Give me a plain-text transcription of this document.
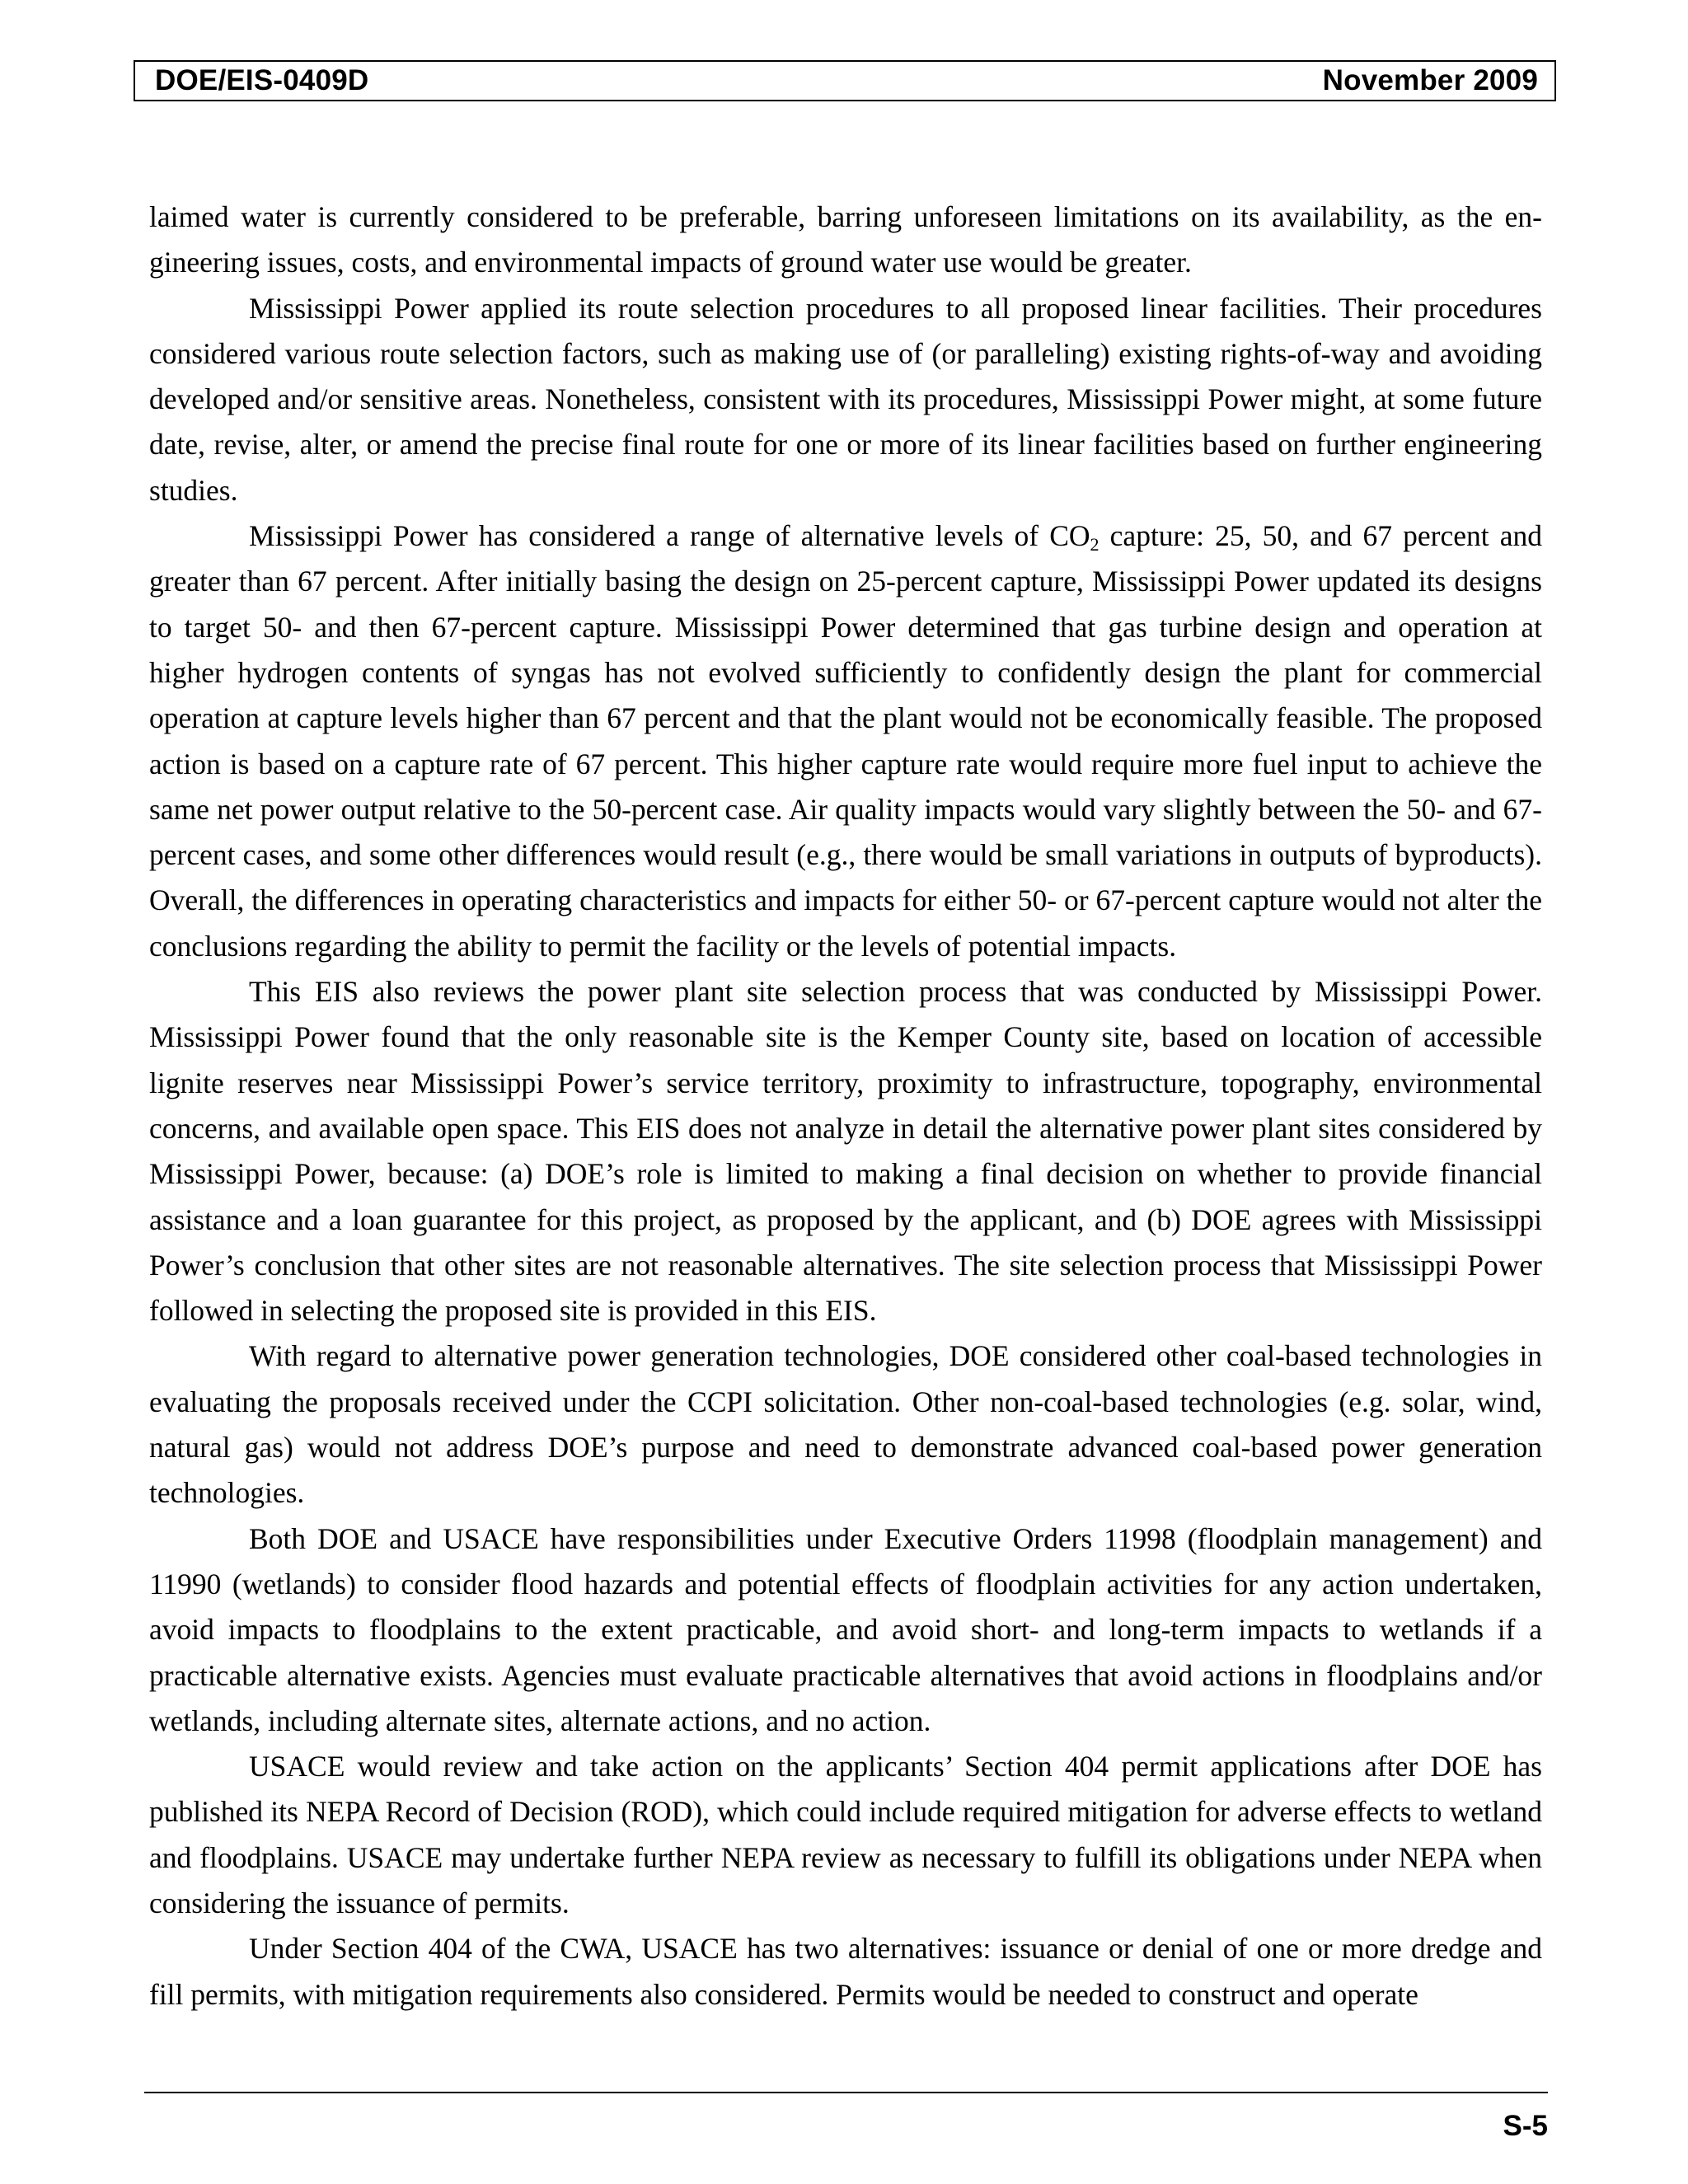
DOE/EIS-0409D	November 2009

laimed water is currently considered to be preferable, barring unforeseen limitations on its availability, as the engineering issues, costs, and environmental impacts of ground water use would be greater.

Mississippi Power applied its route selection procedures to all proposed linear facilities. Their procedures considered various route selection factors, such as making use of (or paralleling) existing rights-of-way and avoiding developed and/or sensitive areas. Nonetheless, consistent with its procedures, Mississippi Power might, at some future date, revise, alter, or amend the precise final route for one or more of its linear facilities based on further engineering studies.

Mississippi Power has considered a range of alternative levels of $CO_2$ capture: 25, 50, and 67 percent and greater than 67 percent. After initially basing the design on 25-percent capture, Mississippi Power updated its designs to target 50- and then 67-percent capture. Mississippi Power determined that gas turbine design and operation at higher hydrogen contents of syngas has not evolved sufficiently to confidently design the plant for commercial operation at capture levels higher than 67 percent and that the plant would not be economically feasible. The proposed action is based on a capture rate of 67 percent. This higher capture rate would require more fuel input to achieve the same net power output relative to the 50-percent case. Air quality impacts would vary slightly between the 50- and 67-percent cases, and some other differences would result (e.g., there would be small variations in outputs of byproducts). Overall, the differences in operating characteristics and impacts for either 50- or 67-percent capture would not alter the conclusions regarding the ability to permit the facility or the levels of potential impacts.

This EIS also reviews the power plant site selection process that was conducted by Mississippi Power. Mississippi Power found that the only reasonable site is the Kemper County site, based on location of accessible lignite reserves near Mississippi Power’s service territory, proximity to infrastructure, topography, environmental concerns, and available open space. This EIS does not analyze in detail the alternative power plant sites considered by Mississippi Power, because: (a) DOE’s role is limited to making a final decision on whether to provide financial assistance and a loan guarantee for this project, as proposed by the applicant, and (b) DOE agrees with Mississippi Power’s conclusion that other sites are not reasonable alternatives. The site selection process that Mississippi Power followed in selecting the proposed site is provided in this EIS.

With regard to alternative power generation technologies, DOE considered other coal-based technologies in evaluating the proposals received under the CCPI solicitation. Other non-coal-based technologies (e.g. solar, wind, natural gas) would not address DOE’s purpose and need to demonstrate advanced coal-based power generation technologies.

Both DOE and USACE have responsibilities under Executive Orders 11998 (floodplain management) and 11990 (wetlands) to consider flood hazards and potential effects of floodplain activities for any action undertaken, avoid impacts to floodplains to the extent practicable, and avoid short- and long-term impacts to wetlands if a practicable alternative exists. Agencies must evaluate practicable alternatives that avoid actions in floodplains and/or wetlands, including alternate sites, alternate actions, and no action.

USACE would review and take action on the applicants’ Section 404 permit applications after DOE has published its NEPA Record of Decision (ROD), which could include required mitigation for adverse effects to wetland and floodplains. USACE may undertake further NEPA review as necessary to fulfill its obligations under NEPA when considering the issuance of permits.

Under Section 404 of the CWA, USACE has two alternatives: issuance or denial of one or more dredge and fill permits, with mitigation requirements also considered. Permits would be needed to construct and operate

S-5
